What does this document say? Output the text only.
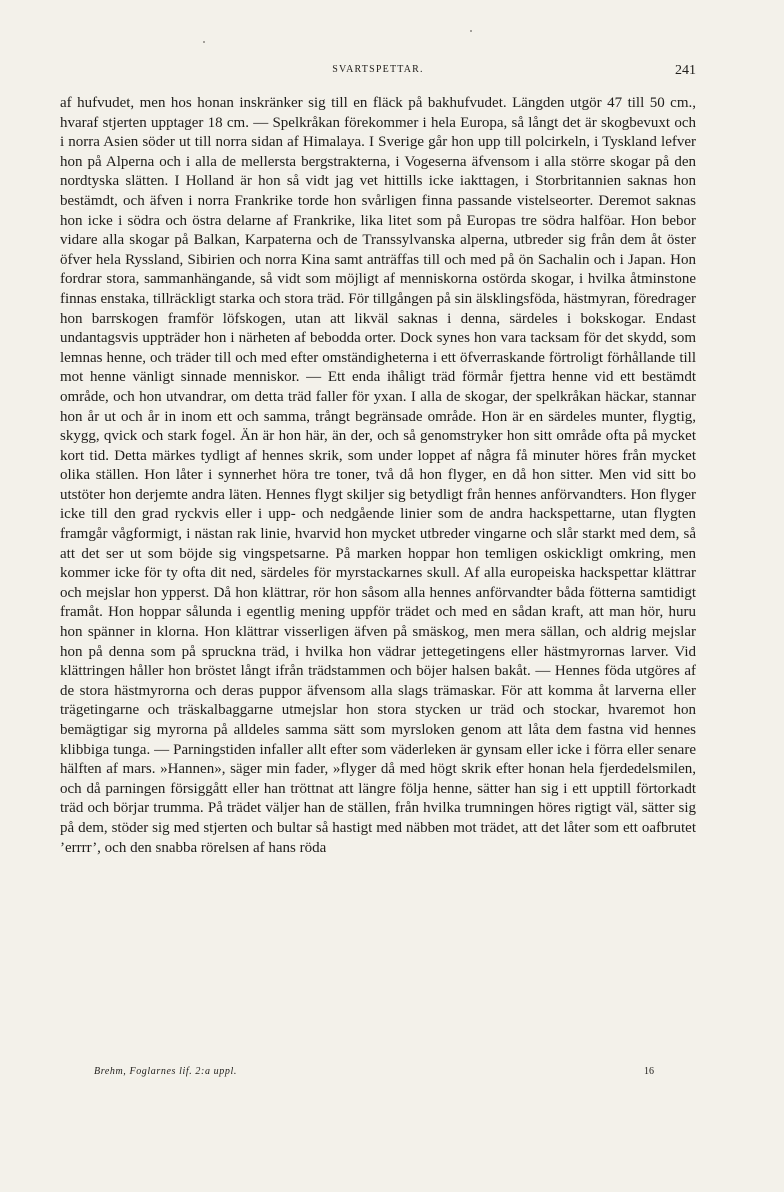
SVARTSPETTAR.	241

af hufvudet, men hos honan inskränker sig till en fläck på bakhufvudet. Längden utgör 47 till 50 cm., hvaraf stjerten upptager 18 cm. — Spelkråkan förekommer i hela Europa, så långt det är skogbevuxt och i norra Asien söder ut till norra sidan af Himalaya. I Sverige går hon upp till polcirkeln, i Tyskland lefver hon på Alperna och i alla de mellersta bergstrakterna, i Vogeserna äfvensom i alla större skogar på den nordtyska slätten. I Holland är hon så vidt jag vet hittills icke iakttagen, i Storbritannien saknas hon bestämdt, och äfven i norra Frankrike torde hon svårligen finna passande vistelseorter. Deremot saknas hon icke i södra och östra delarne af Frankrike, lika litet som på Europas tre södra halföar. Hon bebor vidare alla skogar på Balkan, Karpaterna och de Transsylvanska alperna, utbreder sig från dem åt öster öfver hela Ryssland, Sibirien och norra Kina samt anträffas till och med på ön Sachalin och i Japan. Hon fordrar stora, sammanhängande, så vidt som möjligt af menniskorna ostörda skogar, i hvilka åtminstone finnas enstaka, tillräckligt starka och stora träd. För tillgången på sin älsklingsföda, hästmyran, föredrager hon barrskogen framför löfskogen, utan att likväl saknas i denna, särdeles i bokskogar. Endast undantagsvis uppträder hon i närheten af bebodda orter. Dock synes hon vara tacksam för det skydd, som lemnas henne, och träder till och med efter omständigheterna i ett öfverraskande förtroligt förhållande till mot henne vänligt sinnade menniskor. — Ett enda ihåligt träd förmår fjettra henne vid ett bestämdt område, och hon utvandrar, om detta träd faller för yxan. I alla de skogar, der spelkråkan häckar, stannar hon år ut och år in inom ett och samma, trångt begränsade område. Hon är en särdeles munter, flygtig, skygg, qvick och stark fogel. Än är hon här, än der, och så genomstryker hon sitt område ofta på mycket kort tid. Detta märkes tydligt af hennes skrik, som under loppet af några få minuter höres från mycket olika ställen. Hon låter i synnerhet höra tre toner, två då hon flyger, en då hon sitter. Men vid sitt bo utstöter hon derjemte andra läten. Hennes flygt skiljer sig betydligt från hennes anförvandters. Hon flyger icke till den grad ryckvis eller i upp- och nedgående linier som de andra hackspettarne, utan flygten framgår vågformigt, i nästan rak linie, hvarvid hon mycket utbreder vingarne och slår starkt med dem, så att det ser ut som böjde sig vingspetsarne. På marken hoppar hon temligen oskickligt omkring, men kommer icke för ty ofta dit ned, särdeles för myrstackarnes skull. Af alla europeiska hackspettar klättrar och mejslar hon ypperst. Då hon klättrar, rör hon såsom alla hennes anförvandter båda fötterna samtidigt framåt. Hon hoppar sålunda i egentlig mening uppför trädet och med en sådan kraft, att man hör, huru hon spänner in klorna. Hon klättrar visserligen äfven på smäskog, men mera sällan, och aldrig mejslar hon på denna som på spruckna träd, i hvilka hon vädrar jettegetingens eller hästmyrornas larver. Vid klättringen håller hon bröstet långt ifrån trädstammen och böjer halsen bakåt. — Hennes föda utgöres af de stora hästmyrorna och deras puppor äfvensom alla slags trämaskar. För att komma åt larverna eller trägetingarne och träskalbaggarne utmejslar hon stora stycken ur träd och stockar, hvaremot hon bemägtigar sig myrorna på alldeles samma sätt som myrsloken genom att låta dem fastna vid hennes klibbiga tunga. — Parningstiden infaller allt efter som väderleken är gynsam eller icke i förra eller senare hälften af mars. »Hannen», säger min fader, »flyger då med högt skrik efter honan hela fjerdedelsmilen, och då parningen försiggått eller han tröttnat att längre följa henne, sätter han sig i ett upptill förtorkadt träd och börjar trumma. På trädet väljer han de ställen, från hvilka trumningen höres rigtigt väl, sätter sig på dem, stöder sig med stjerten och bultar så hastigt med näbben mot trädet, att det låter som ett oafbrutet ’errrr’, och den snabba rörelsen af hans röda

Brehm, Foglarnes lif. 2:a uppl.	16
